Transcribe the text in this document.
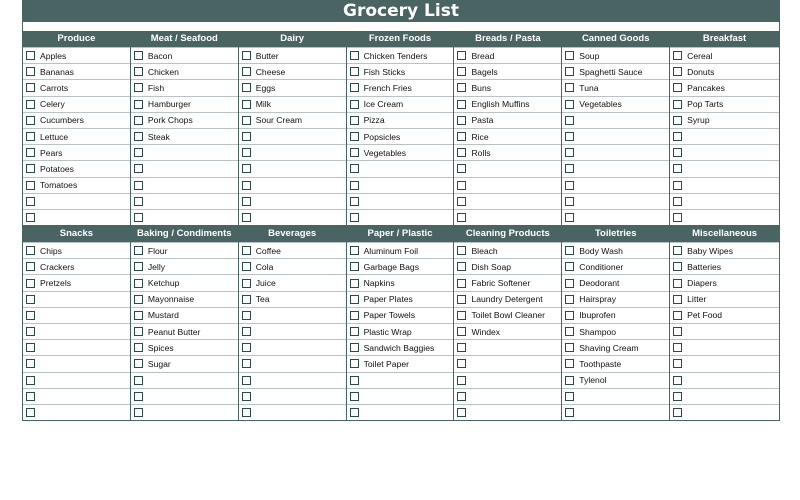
Grocery List
Produce
Apples
Bananas
Carrots
Celery
Cucumbers
Lettuce
Pears
Potatoes
Tomatoes
Meat / Seafood
Bacon
Chicken
Fish
Hamburger
Pork Chops
Steak
Dairy
Butter
Cheese
Eggs
Milk
Sour Cream
Frozen Foods
Chicken Tenders
Fish Sticks
French Fries
Ice Cream
Pizza
Popsicles
Vegetables
Breads / Pasta
Bread
Bagels
Buns
English Muffins
Pasta
Rice
Rolls
Canned Goods
Soup
Spaghetti Sauce
Tuna
Vegetables
Breakfast
Cereal
Donuts
Pancakes
Pop Tarts
Syrup
Snacks
Chips
Crackers
Pretzels
Baking / Condiments
Flour
Jelly
Ketchup
Mayonnaise
Mustard
Peanut Butter
Spices
Sugar
Beverages
Coffee
Cola
Juice
Tea
Paper / Plastic
Aluminum Foil
Garbage Bags
Napkins
Paper Plates
Paper Towels
Plastic Wrap
Sandwich Baggies
Toilet Paper
Cleaning Products
Bleach
Dish Soap
Fabric Softener
Laundry Detergent
Toilet Bowl Cleaner
Windex
Toiletries
Body Wash
Conditioner
Deodorant
Hairspray
Ibuprofen
Shampoo
Shaving Cream
Toothpaste
Tylenol
Miscellaneous
Baby Wipes
Batteries
Diapers
Litter
Pet Food
